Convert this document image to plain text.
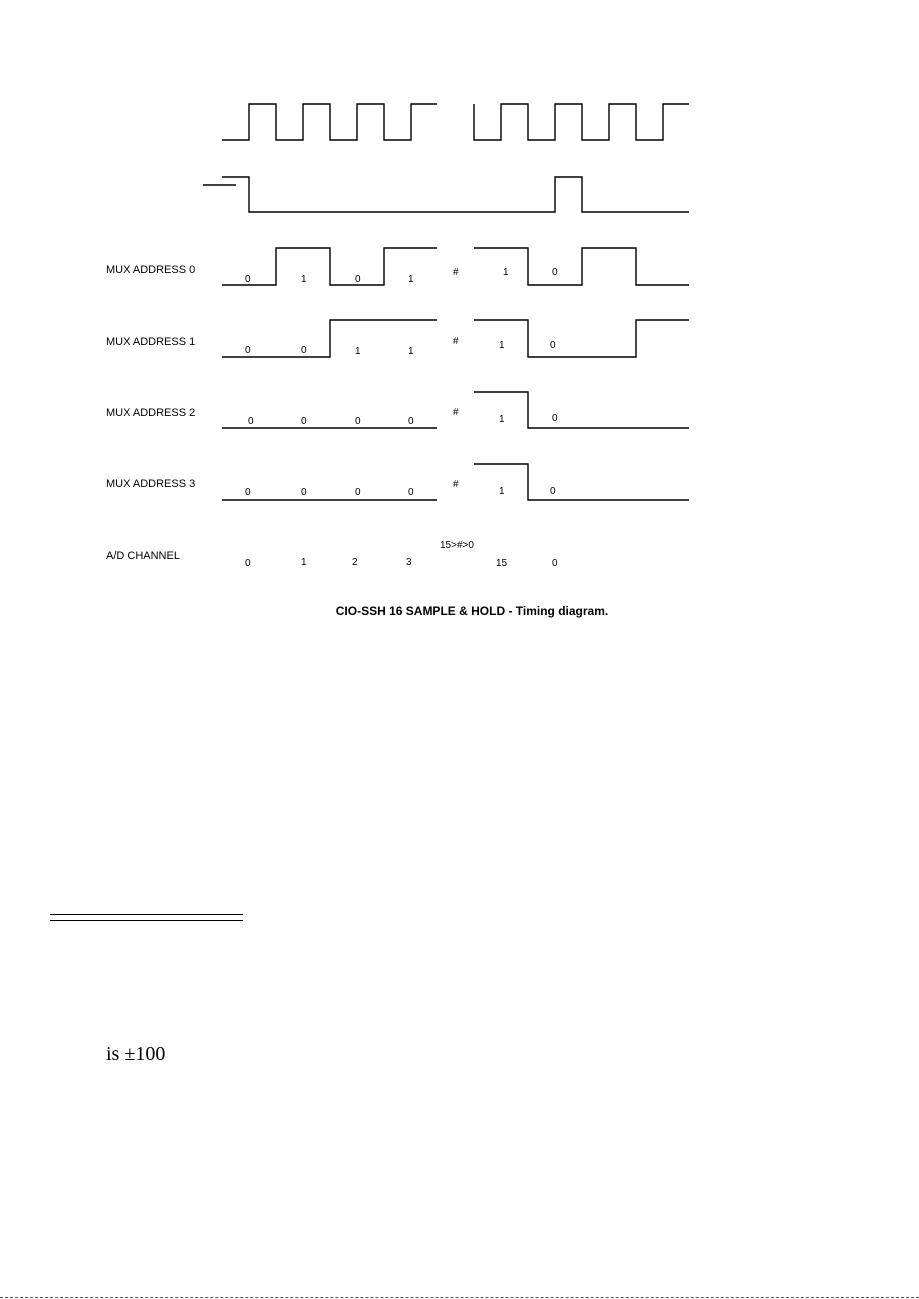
MUX ADDRESS 0
0	1	0	1
#	1	0
MUX ADDRESS 1
0	0	1	1
#	1	0
MUX ADDRESS 2
0	0	0	0
#
1	0
MUX ADDRESS 3
0	0	0	0
#
1	0
A/D CHANNEL
15>#>0
0	1	2	3	15	0
CIO-SSH 16 SAMPLE & HOLD - Timing diagram.
is ±100
